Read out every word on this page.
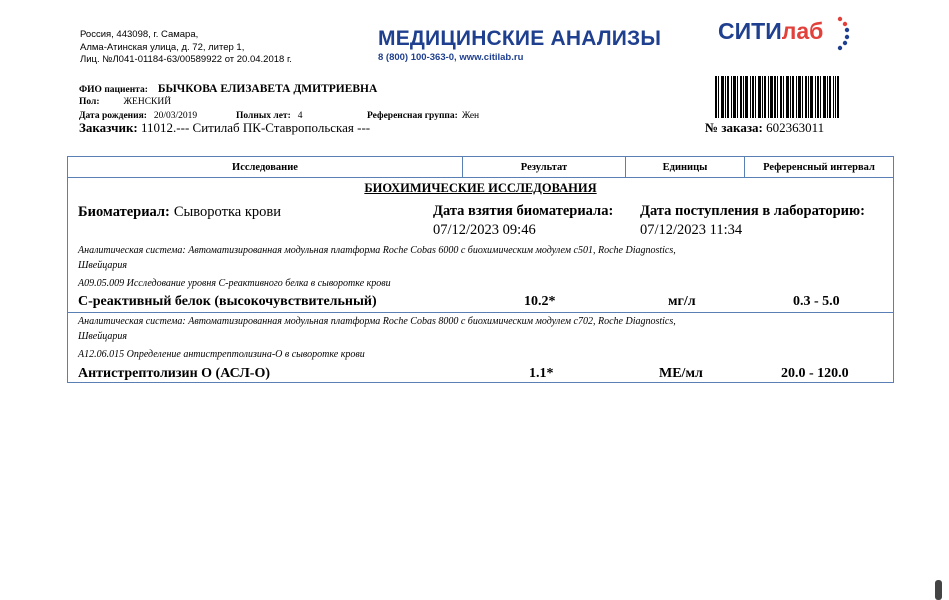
Россия, 443098, г. Самара,
Алма-Атинская улица, д. 72, литер 1,
Лиц. №Л041-01184-63/00589922 от 20.04.2018 г.
МЕДИЦИНСКИЕ АНАЛИЗЫ
8 (800) 100-363-0, www.citilab.ru
СИТИлаб
ФИО пациента: БЫЧКОВА ЕЛИЗАВЕТА ДМИТРИЕВНА
Пол:	ЖЕНСКИЙ
Дата рождения: 20/03/2019	Полных лет: 4	Референсная группа: Жен
Заказчик: 11012.--- Ситилаб ПК-Ставропольская ---	№ заказа: 602363011
Исследование	Результат	Единицы	Референсный интервал
БИОХИМИЧЕСКИЕ ИССЛЕДОВАНИЯ
Биоматериал: Сыворотка крови	Дата взятия биоматериала:
07/12/2023 09:46
Дата поступления в лабораторию:
07/12/2023 11:34
Аналитическая система: Автоматизированная модульная платформа Roche Cobas 6000 с биохимическим модулем c501, Roche Diagnostics,
Швейцария
A09.05.009 Исследование уровня С-реактивного белка в сыворотке крови
С-реактивный белок (высокочувствительный)	10.2*	мг/л	0.3 - 5.0
Аналитическая система: Автоматизированная модульная платформа Roche Cobas 8000 с биохимическим модулем c702, Roche Diagnostics,
Швейцария
A12.06.015 Определение антистрептолизина-О в сыворотке крови
Антистрептолизин О (АСЛ-О)	1.1*	МЕ/мл	20.0 - 120.0
